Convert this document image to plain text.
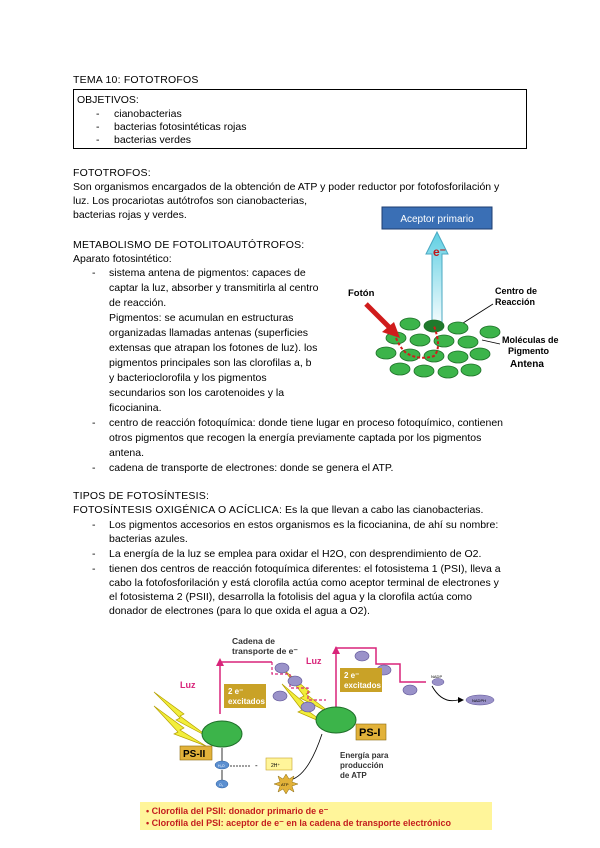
TEMA 10: FOTOTROFOS
OBJETIVOS:
- cianobacterias
- bacterias fotosintéticas rojas
- bacterias verdes
FOTOTROFOS:
Son organismos encargados de la obtención de ATP y poder reductor por fotofosforilación y
luz. Los procariotas autótrofos son cianobacterias,
bacterias rojas y verdes.
METABOLISMO DE FOTOLITOAUTÓTROFOS:
Aparato fotosintético:
- sistema antena de pigmentos: capaces de
captar la luz, absorber y transmitirla al centro
de reacción.
Pigmentos: se acumulan en estructuras
organizadas llamadas antenas (superficies
extensas que atrapan los fotones de luz). los
pigmentos principales son las clorofilas a, b
y bacterioclorofila y los pigmentos
secundarios son los carotenoides y la
ficocianina.
- centro de reacción fotoquímica: donde tiene lugar en proceso fotoquímico, contienen
otros pigmentos que recogen la energía previamente captada por los pigmentos
antena.
- cadena de transporte de electrones: donde se genera el ATP.
Aceptor primario
e⁻
Fotón	Centro de
Reacción
Moléculas de
Pigmento
Antena
TIPOS DE FOTOSÍNTESIS:
FOTOSÍNTESIS OXIGÉNICA O ACÍCLICA: Es la que llevan a cabo las cianobacterias.
- Los pigmentos accesorios en estos organismos es la ficocianina, de ahí su nombre:
bacterias azules.
- La energía de la luz se emplea para oxidar el H2O, con desprendimiento de O2.
- tienen dos centros de reacción fotoquímica diferentes: el fotosistema 1 (PSI), lleva a
cabo la fotofosforilación y está clorofila actúa como aceptor terminal de electrones y
el fotosistema 2 (PSII), desarrolla la fotolisis del agua y la clorofila actúa como
donador de electrones (para lo que oxida el agua a O2).
Cadena de
transporte de e⁻
Luz
Luz
2 e⁻
excitados
2 e⁻
excitados
NADP
NADPH
PS-II
PS-I
H₂O
O₂
-	2H⁺
ATP
Energía para
producción
de ATP
• Clorofila del PSII: donador primario de e⁻
• Clorofila del PSI: aceptor de e⁻ en la cadena de transporte electrónico
